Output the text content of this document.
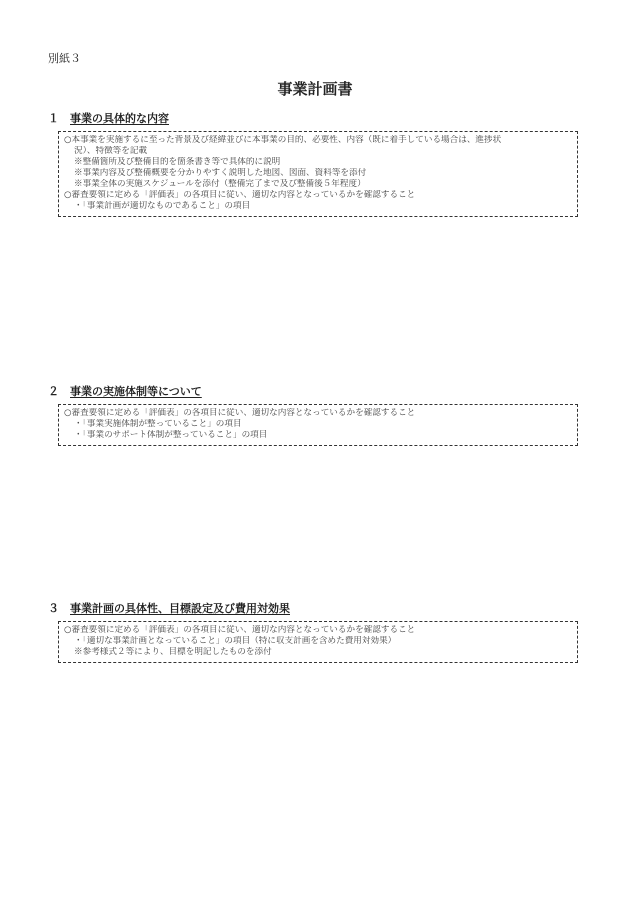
別紙３
事業計画書
１ 事業の具体的な内容
○本事業を実施するに至った背景及び経緯並びに本事業の目的、必要性、内容（既に着手している場合は、進捗状
況）、特徴等を記載
※整備箇所及び整備目的を箇条書き等で具体的に説明
※事業内容及び整備概要を分かりやすく説明した地図、図面、資料等を添付
※事業全体の実施スケジュールを添付（整備完了まで及び整備後５年程度）
○審査要領に定める「評価表」の各項目に従い、適切な内容となっているかを確認すること
・「事業計画が適切なものであること」の項目
２ 事業の実施体制等について
○審査要領に定める「評価表」の各項目に従い、適切な内容となっているかを確認すること
・「事業実施体制が整っていること」の項目
・「事業のサポート体制が整っていること」の項目
３ 事業計画の具体性、目標設定及び費用対効果
○審査要領に定める「評価表」の各項目に従い、適切な内容となっているかを確認すること
・「適切な事業計画となっていること」の項目（特に収支計画を含めた費用対効果）
※参考様式２等により、目標を明記したものを添付
